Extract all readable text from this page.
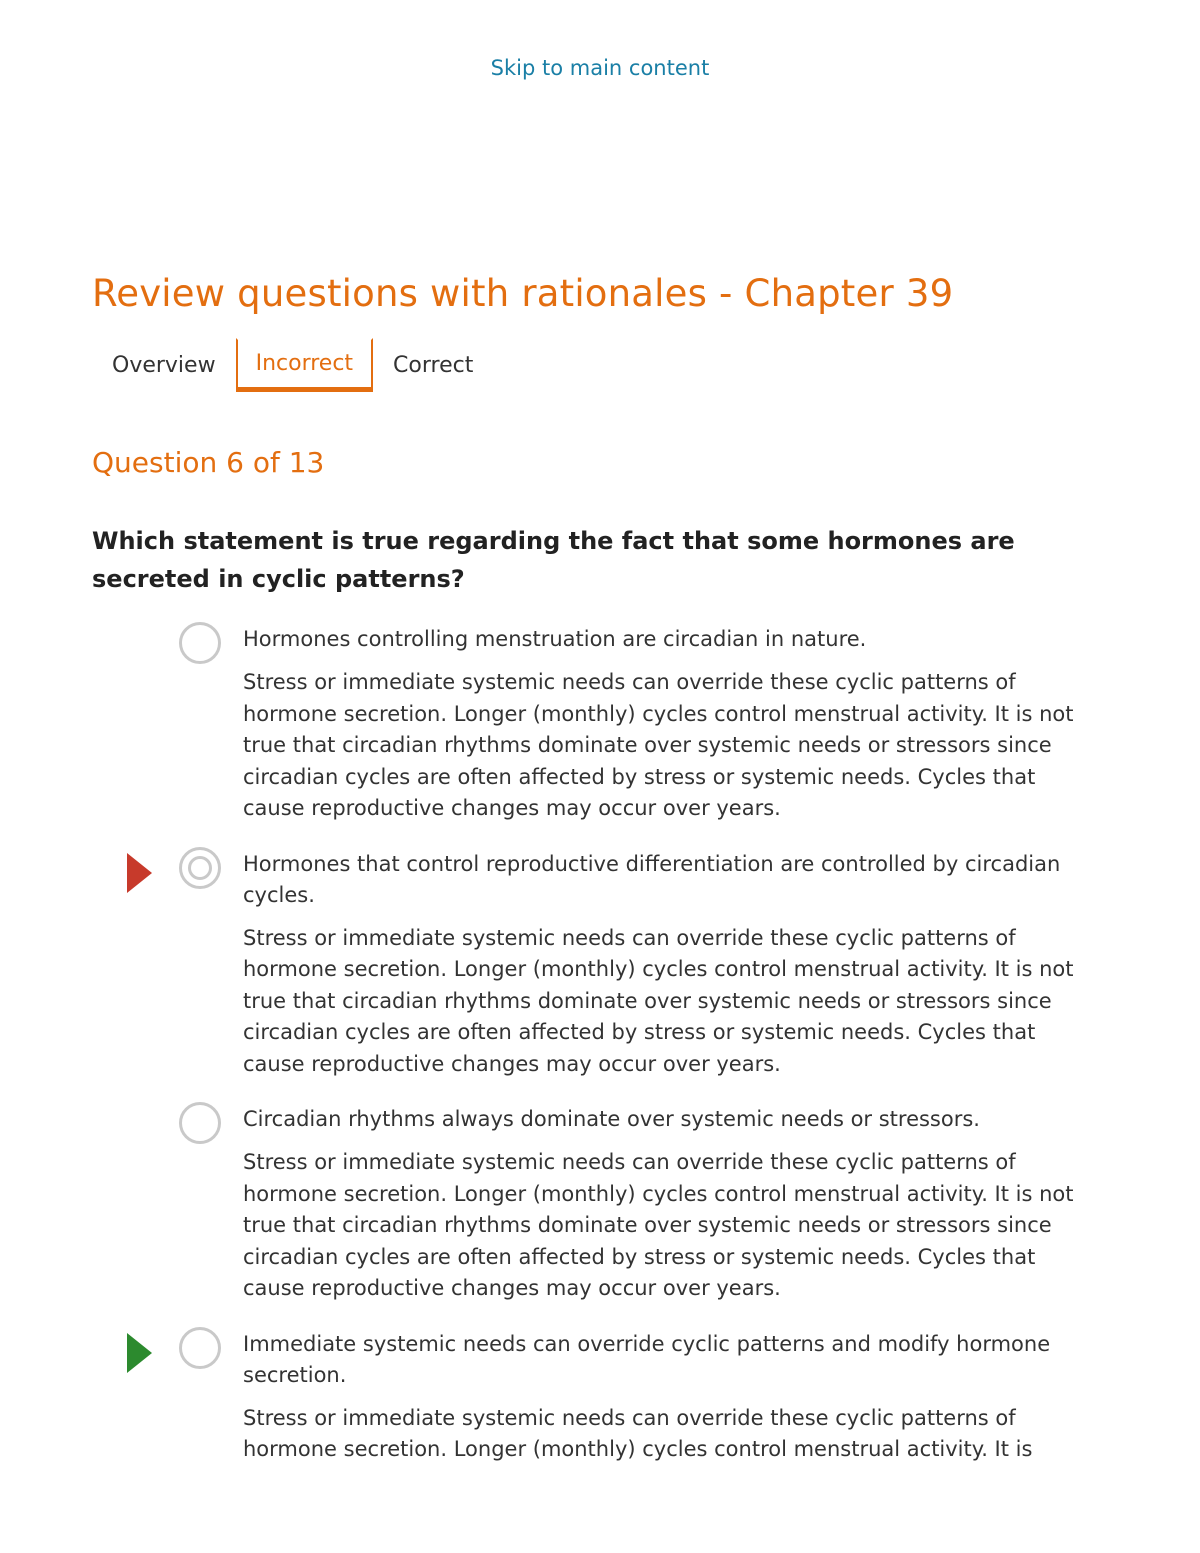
Skip to main content
Review questions with rationales - Chapter 39
Overview	Incorrect	Correct
Question 6 of 13

Which statement is true regarding the fact that some hormones are secreted in cyclic patterns?

Hormones controlling menstruation are circadian in nature.

Stress or immediate systemic needs can override these cyclic patterns of hormone secretion. Longer (monthly) cycles control menstrual activity. It is not true that circadian rhythms dominate over systemic needs or stressors since circadian cycles are often affected by stress or systemic needs. Cycles that cause reproductive changes may occur over years.

Hormones that control reproductive differentiation are controlled by circadian cycles.

Stress or immediate systemic needs can override these cyclic patterns of hormone secretion. Longer (monthly) cycles control menstrual activity. It is not true that circadian rhythms dominate over systemic needs or stressors since circadian cycles are often affected by stress or systemic needs. Cycles that cause reproductive changes may occur over years.

Circadian rhythms always dominate over systemic needs or stressors.

Stress or immediate systemic needs can override these cyclic patterns of hormone secretion. Longer (monthly) cycles control menstrual activity. It is not true that circadian rhythms dominate over systemic needs or stressors since circadian cycles are often affected by stress or systemic needs. Cycles that cause reproductive changes may occur over years.

Immediate systemic needs can override cyclic patterns and modify hormone secretion.

Stress or immediate systemic needs can override these cyclic patterns of hormone secretion. Longer (monthly) cycles control menstrual activity. It is
